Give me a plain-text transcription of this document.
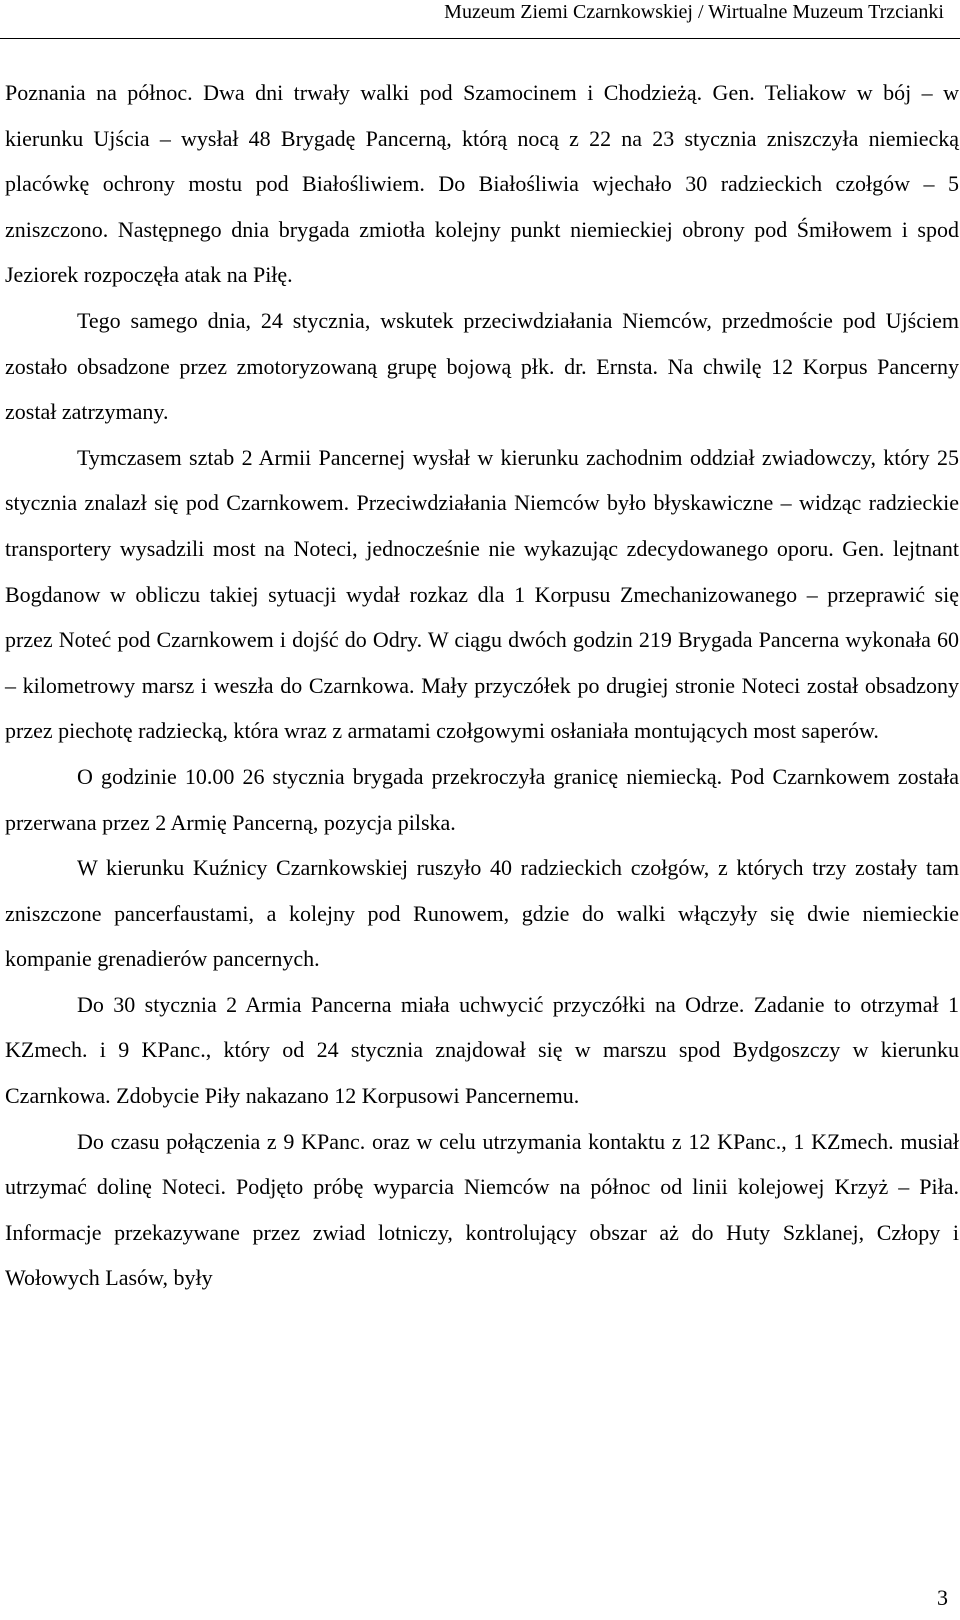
Muzeum Ziemi Czarnkowskiej / Wirtualne Muzeum Trzcianki

Poznania na północ. Dwa dni trwały walki pod Szamocinem i Chodzieżą. Gen. Teliakow w bój – w kierunku Ujścia – wysłał 48 Brygadę Pancerną, którą nocą z 22 na 23 stycznia zniszczyła niemiecką placówkę ochrony mostu pod Białośliwiem. Do Białośliwia wjechało 30 radzieckich czołgów – 5 zniszczono. Następnego dnia brygada zmiotła kolejny punkt niemieckiej obrony pod Śmiłowem i spod Jeziorek rozpoczęła atak na Piłę.

Tego samego dnia, 24 stycznia, wskutek przeciwdziałania Niemców, przedmoście pod Ujściem zostało obsadzone przez zmotoryzowaną grupę bojową płk. dr. Ernsta. Na chwilę 12 Korpus Pancerny został zatrzymany.

Tymczasem sztab 2 Armii Pancernej wysłał w kierunku zachodnim oddział zwiadowczy, który 25 stycznia znalazł się pod Czarnkowem. Przeciwdziałania Niemców było błyskawiczne – widząc radzieckie transportery wysadzili most na Noteci, jednocześnie nie wykazując zdecydowanego oporu. Gen. lejtnant Bogdanow w obliczu takiej sytuacji wydał rozkaz dla 1 Korpusu Zmechanizowanego – przeprawić się przez Noteć pod Czarnkowem i dojść do Odry. W ciągu dwóch godzin 219 Brygada Pancerna wykonała 60 – kilometrowy marsz i weszła do Czarnkowa. Mały przyczółek po drugiej stronie Noteci został obsadzony przez piechotę radziecką, która wraz z armatami czołgowymi osłaniała montujących most saperów.

O godzinie 10.00 26 stycznia brygada przekroczyła granicę niemiecką. Pod Czarnkowem została przerwana przez 2 Armię Pancerną, pozycja pilska.

W kierunku Kuźnicy Czarnkowskiej ruszyło 40 radzieckich czołgów, z których trzy zostały tam zniszczone pancerfaustami, a kolejny pod Runowem, gdzie do walki włączyły się dwie niemieckie kompanie grenadierów pancernych.

Do 30 stycznia 2 Armia Pancerna miała uchwycić przyczółki na Odrze. Zadanie to otrzymał 1 KZmech. i 9 KPanc., który od 24 stycznia znajdował się w marszu spod Bydgoszczy w kierunku Czarnkowa. Zdobycie Piły nakazano 12 Korpusowi Pancernemu.

Do czasu połączenia z 9 KPanc. oraz w celu utrzymania kontaktu z 12 KPanc., 1 KZmech. musiał utrzymać dolinę Noteci. Podjęto próbę wyparcia Niemców na północ od linii kolejowej Krzyż – Piła. Informacje przekazywane przez zwiad lotniczy, kontrolujący obszar aż do Huty Szklanej, Człopy i Wołowych Lasów, były

3
